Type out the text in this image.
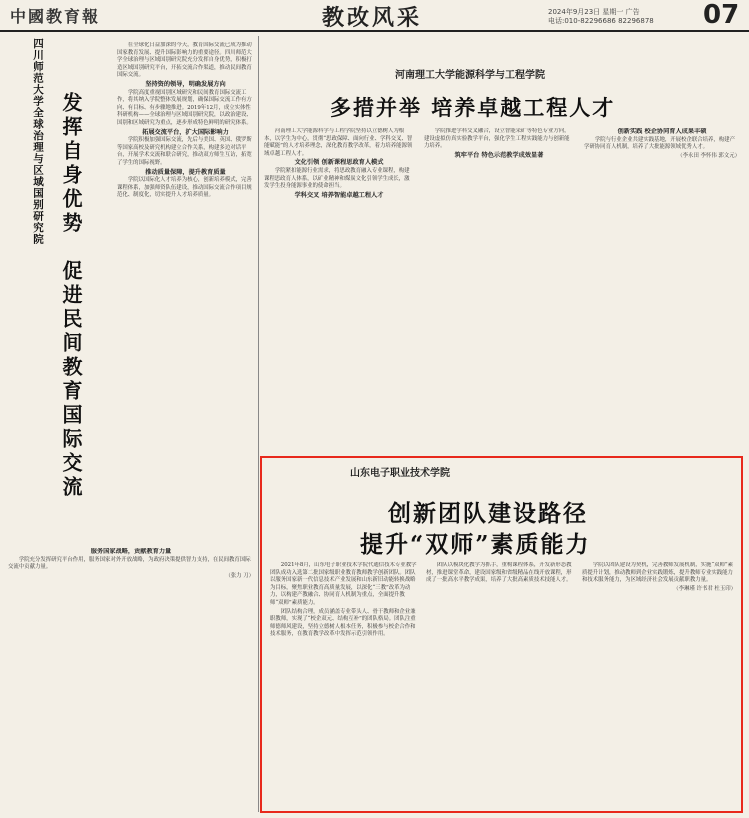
中國教育報	教改风采	2024年9月23日 星期一 广告
电话:010-82296686 82296878 07
四川师范大学全球治理与区域国别研究院 发挥自身优势
促进民间教育国际交流

在全球化日益加深的今天，教育国际交流已成为推动国家教育发展、提升国际影响力的重要途径。四川师范大学全球治理与区域国别研究院充分发挥自身优势，积极打造区域国别研究平台，开拓交流合作渠道，推动民间教育国际交流。

坚持资的领导，明确发展方向

学院高度重视国别区域研究和民间教育国际交流工作，将其纳入学院整体发展规划，确保国际交流工作有方向、有目标、有步骤地推进。2019年12月，成立实体性科研机构——全球治理与区域国别研究院，以政治建设、国别和区域研究为重点，逐步形成特色鲜明的研究体系。

拓展交流平台，扩大国际影响力

学院积极加强国际交流，先后与美国、英国、俄罗斯等国家高校及研究机构建立合作关系，构建多边对话平台，开展学术交流和联合研究，推动双方师生互访，拓宽了学生的国际视野。

推动质量保障，提升教育质量

学院以国际化人才培养为核心，创新培养模式，完善课程体系，加强师资队伍建设，推动国际交流合作项目规范化、制度化，切实提升人才培养质量。

服务国家战略，贡献教育力量

学院充分发挥研究平台作用，服务国家对外开放战略，为政府决策提供智力支持，在民间教育国际交流中贡献力量。

（张力 刀）

河南理工大学能源科学与工程学院
多措并举 培养卓越工程人才

河南理工大学能源科学与工程学院坚持以立德树人为根本，以学生为中心，贯彻“思政保障、面向行业、学科交叉、智能赋能”的人才培养理念，深化教育教学改革，着力培养能源领域卓越工程人才。

文化引领 创新课程思政育人模式

学院紧扣能源行业需求，将思政教育融入专业课程，构建课程思政育人体系，以矿业精神和煤炭文化引领学生成长，激发学生投身能源事业的使命担当。

学科交叉 培养智能卓越工程人才

学院推进学科交叉融合，设立智能采矿等特色专业方向，建设虚拟仿真实验教学平台，强化学生工程实践能力与创新能力培养。

筑牢平台 特色示范教学成效显著

创新实践 校企协同育人成果丰硕

学院与行业企业共建实践基地，开展校企联合培养，构建产学研协同育人机制，培养了大批能源领域优秀人才。

（李永田 李怀伟 郭文元）

山东电子职业技术学院
创新团队建设路径
提升“双师”素质能力

2021年8月，山东电子职业技术学院代通信技术专业教学团队成功入选第二批国家级职业教育教师教学创新团队。团队以服务国家新一代信息技术产业发展和山东新旧动能转换战略为目标，聚焦职业教育高质量发展，以深化“三教”改革为动力，以构建产教融合、协同育人机制为重点，全面提升教师“双师”素质能力。

团队结构合理，成员涵盖专业带头人、骨干教师和企业兼职教师，实现了“校企双元、结构互补”的团队格局。团队注重师德师风建设，坚持立德树人根本任务，积极参与校企合作和技术服务，在教育教学改革中发挥示范引领作用。

团队以模块化教学为抓手，重构课程体系，开发新形态教材，推进课堂革命，建设国家级和省级精品在线开放课程，形成了一批高水平教学成果，培养了大批高素质技术技能人才。

学院以团队建设为契机，完善教师发展机制，实施“双师”素质提升计划，推动教师到企业实践锻炼，提升教师专业实践能力和技术服务能力，为区域经济社会发展贡献职教力量。

（李琳瑾 许书君 杜玉印）
